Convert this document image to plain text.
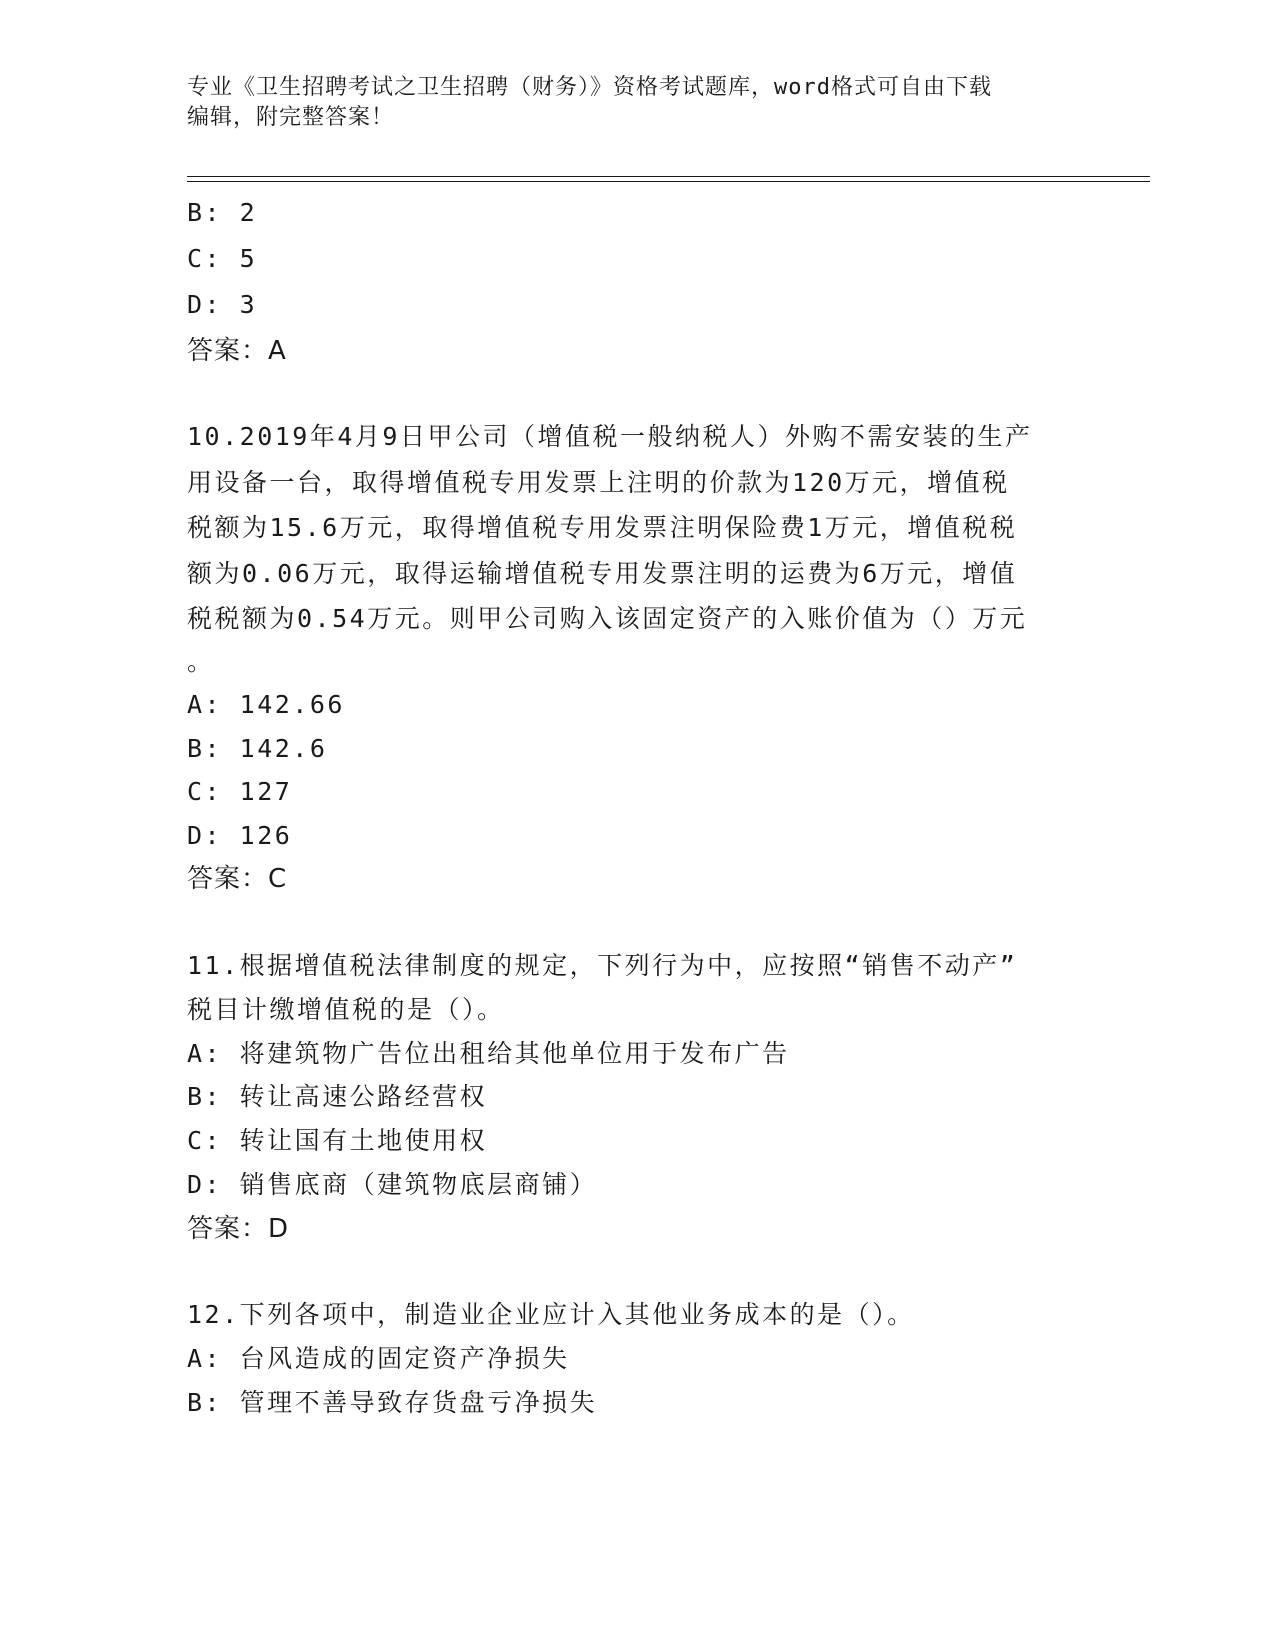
专业《卫生招聘考试之卫生招聘（财务）》资格考试题库，word格式可自由下载
编辑，附完整答案！
B: 2
C: 5
D: 3
答案：A
10.2019年4月9日甲公司（增值税一般纳税人）外购不需安装的生产
用设备一台，取得增值税专用发票上注明的价款为120万元，增值税
税额为15.6万元，取得增值税专用发票注明保险费1万元，增值税税
额为0.06万元，取得运输增值税专用发票注明的运费为6万元，增值
税税额为0.54万元。则甲公司购入该固定资产的入账价值为（）万元
。
A: 142.66
B: 142.6
C: 127
D: 126
答案：C
11.根据增值税法律制度的规定，下列行为中，应按照“销售不动产”
税目计缴增值税的是（）。
A: 将建筑物广告位出租给其他单位用于发布广告
B: 转让高速公路经营权
C: 转让国有土地使用权
D: 销售底商（建筑物底层商铺）
答案：D
12.下列各项中，制造业企业应计入其他业务成本的是（）。
A: 台风造成的固定资产净损失
B: 管理不善导致存货盘亏净损失
